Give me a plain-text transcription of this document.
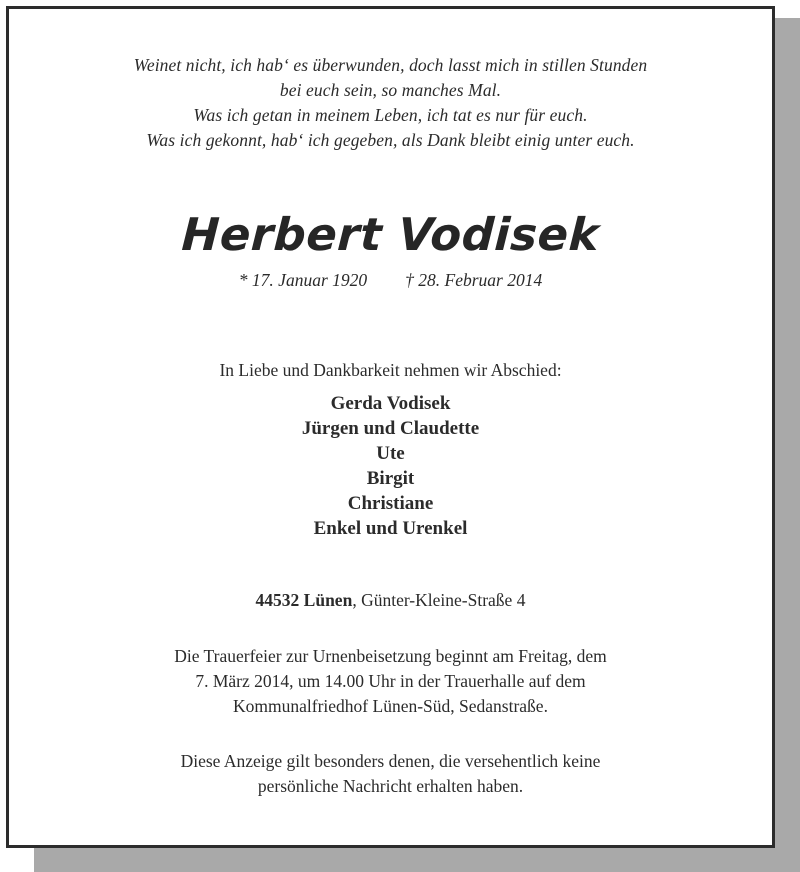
Weinet nicht, ich hab‘ es überwunden, doch lasst mich in stillen Stunden
bei euch sein, so manches Mal.
Was ich getan in meinem Leben, ich tat es nur für euch.
Was ich gekonnt, hab‘ ich gegeben, als Dank bleibt einig unter euch.
Herbert Vodisek
* 17. Januar 1920 † 28. Februar 2014
In Liebe und Dankbarkeit nehmen wir Abschied:
Gerda Vodisek
Jürgen und Claudette
Ute
Birgit
Christiane
Enkel und Urenkel
44532 Lünen, Günter-Kleine-Straße 4
Die Trauerfeier zur Urnenbeisetzung beginnt am Freitag, dem
7. März 2014, um 14.00 Uhr in der Trauerhalle auf dem
Kommunalfriedhof Lünen-Süd, Sedanstraße.
Diese Anzeige gilt besonders denen, die versehentlich keine
persönliche Nachricht erhalten haben.
